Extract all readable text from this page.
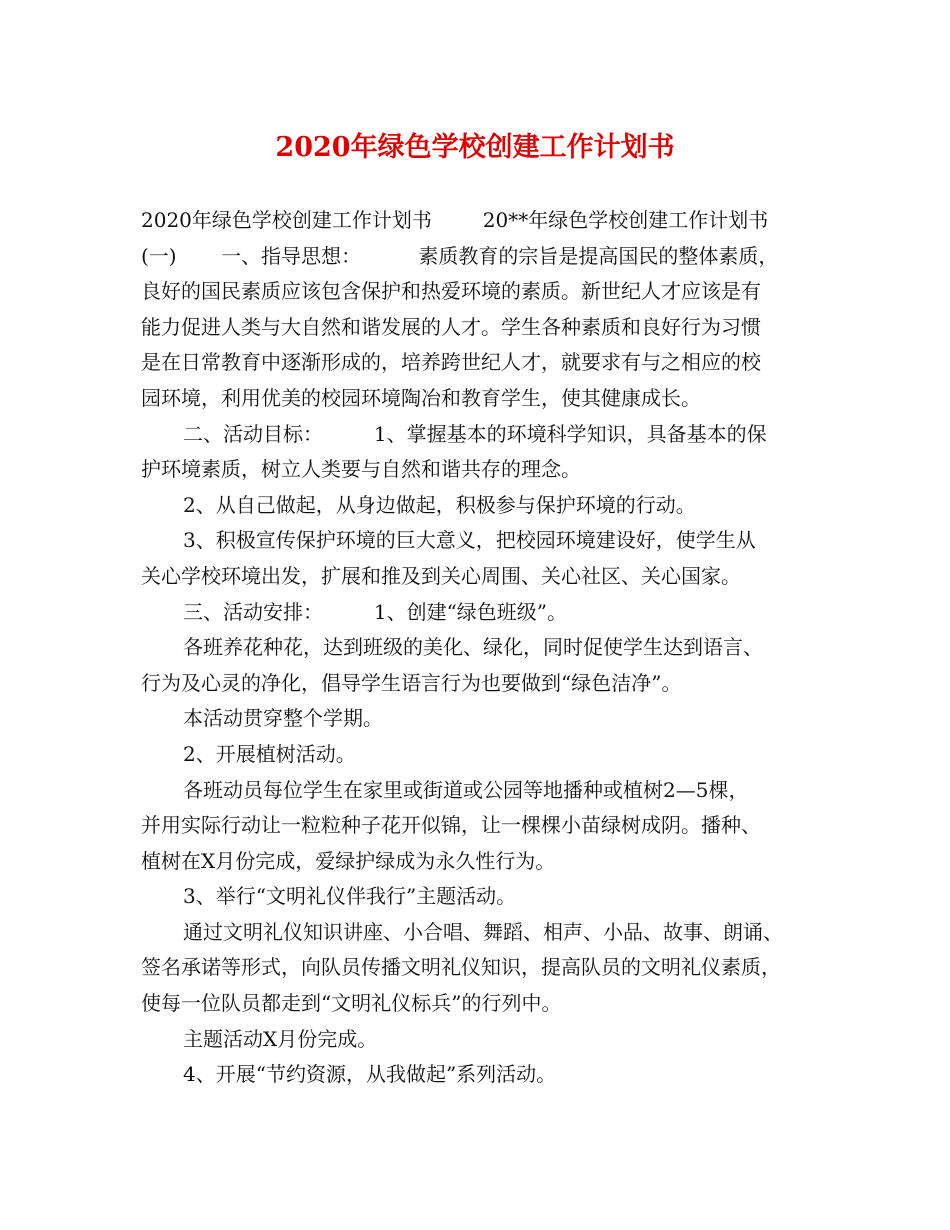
2020年绿色学校创建工作计划书
2020年绿色学校创建工作计划书        20**年绿色学校创建工作计划书
(一)       一、指导思想：         素质教育的宗旨是提高国民的整体素质，
良好的国民素质应该包含保护和热爱环境的素质。新世纪人才应该是有
能力促进人类与大自然和谐发展的人才。学生各种素质和良好行为习惯
是在日常教育中逐渐形成的，培养跨世纪人才，就要求有与之相应的校
园环境，利用优美的校园环境陶冶和教育学生，使其健康成长。
二、活动目标：        1、掌握基本的环境科学知识，具备基本的保
护环境素质，树立人类要与自然和谐共存的理念。
2、从自己做起，从身边做起，积极参与保护环境的行动。
3、积极宣传保护环境的巨大意义，把校园环境建设好，使学生从
关心学校环境出发，扩展和推及到关心周围、关心社区、关心国家。
三、活动安排：        1、创建“绿色班级”。
各班养花种花，达到班级的美化、绿化，同时促使学生达到语言、
行为及心灵的净化，倡导学生语言行为也要做到“绿色洁净”。
本活动贯穿整个学期。
2、开展植树活动。
各班动员每位学生在家里或街道或公园等地播种或植树2—5棵，
并用实际行动让一粒粒种子花开似锦，让一棵棵小苗绿树成阴。播种、
植树在X月份完成，爱绿护绿成为永久性行为。
3、举行“文明礼仪伴我行”主题活动。
通过文明礼仪知识讲座、小合唱、舞蹈、相声、小品、故事、朗诵、
签名承诺等形式，向队员传播文明礼仪知识，提高队员的文明礼仪素质，
使每一位队员都走到“文明礼仪标兵”的行列中。
主题活动X月份完成。
4、开展“节约资源，从我做起”系列活动。
